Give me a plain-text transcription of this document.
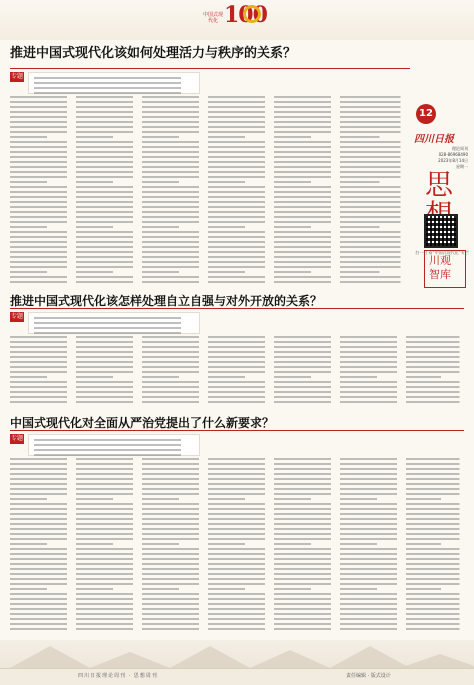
中国式现代化 100
12
四川日报
理论周刊
028-86968490
2023年8月14日
星期一
思
川观智库
扫一扫 看“中国式现代化”专栏
推进中国式现代化该如何处理活力与秩序的关系？
专题
推进中国式现代化该怎样处理自立自强与对外开放的关系？
专题
中国式现代化对全面从严治党提出了什么新要求？
专题
四川日报理论周刊 · 思想周刊	责任编辑 · 版式设计
